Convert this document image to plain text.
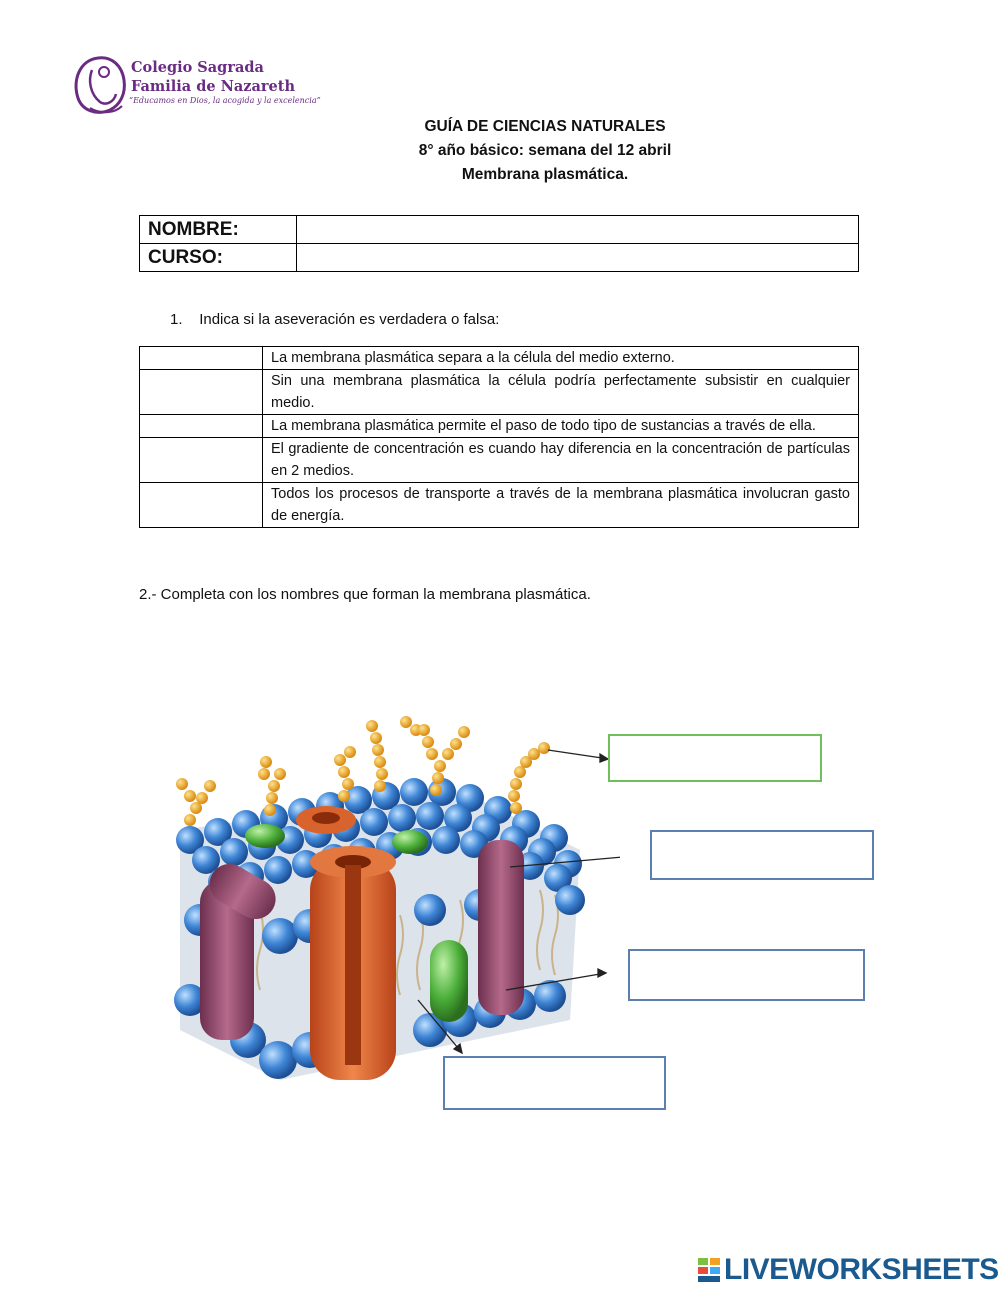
Colegio Sagrada
Familia de Nazareth
“Educamos en Dios, la acogida y la excelencia”
GUÍA DE CIENCIAS NATURALES
8° año básico: semana del 12 abril
Membrana plasmática.
NOMBRE:	
CURSO:	
1. Indica si la aseveración es verdadera o falsa:
	La membrana plasmática separa a la célula del medio externo.
	Sin una membrana plasmática la célula podría perfectamente subsistir en cualquier medio.
	La membrana plasmática permite el paso de todo tipo de sustancias a través de ella.
	El gradiente de concentración es cuando hay diferencia en la concentración de partículas en 2 medios.
	Todos los procesos de transporte a través de la membrana plasmática involucran gasto de energía.
2.- Completa con los nombres que forman la membrana plasmática.
LIVEWORKSHEETS
